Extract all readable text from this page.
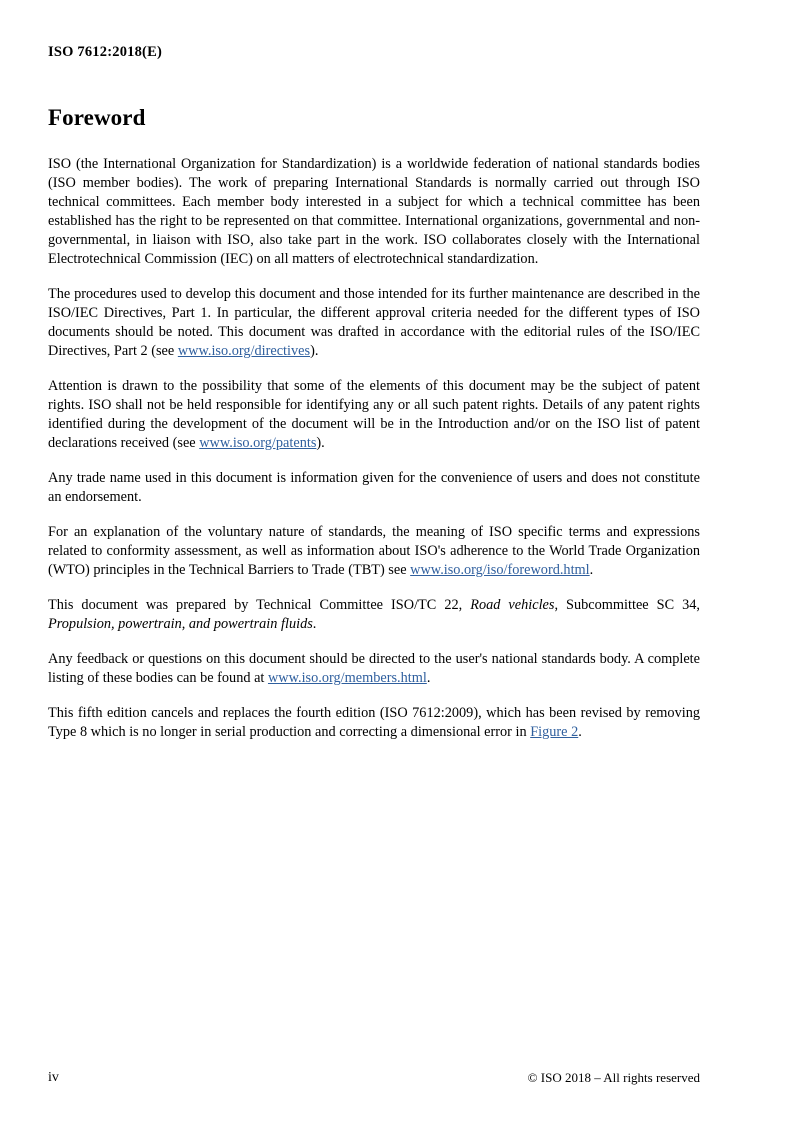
ISO 7612:2018(E)
Foreword

ISO (the International Organization for Standardization) is a worldwide federation of national standards bodies (ISO member bodies). The work of preparing International Standards is normally carried out through ISO technical committees. Each member body interested in a subject for which a technical committee has been established has the right to be represented on that committee. International organizations, governmental and non-governmental, in liaison with ISO, also take part in the work. ISO collaborates closely with the International Electrotechnical Commission (IEC) on all matters of electrotechnical standardization.

The procedures used to develop this document and those intended for its further maintenance are described in the ISO/IEC Directives, Part 1. In particular, the different approval criteria needed for the different types of ISO documents should be noted. This document was drafted in accordance with the editorial rules of the ISO/IEC Directives, Part 2 (see www.iso.org/directives).

Attention is drawn to the possibility that some of the elements of this document may be the subject of patent rights. ISO shall not be held responsible for identifying any or all such patent rights. Details of any patent rights identified during the development of the document will be in the Introduction and/or on the ISO list of patent declarations received (see www.iso.org/patents).

Any trade name used in this document is information given for the convenience of users and does not constitute an endorsement.

For an explanation of the voluntary nature of standards, the meaning of ISO specific terms and expressions related to conformity assessment, as well as information about ISO's adherence to the World Trade Organization (WTO) principles in the Technical Barriers to Trade (TBT) see www.iso.org/iso/foreword.html.

This document was prepared by Technical Committee ISO/TC 22, Road vehicles, Subcommittee SC 34, Propulsion, powertrain, and powertrain fluids.

Any feedback or questions on this document should be directed to the user's national standards body. A complete listing of these bodies can be found at www.iso.org/members.html.

This fifth edition cancels and replaces the fourth edition (ISO 7612:2009), which has been revised by removing Type 8 which is no longer in serial production and correcting a dimensional error in Figure 2.

iv	© ISO 2018 – All rights reserved
